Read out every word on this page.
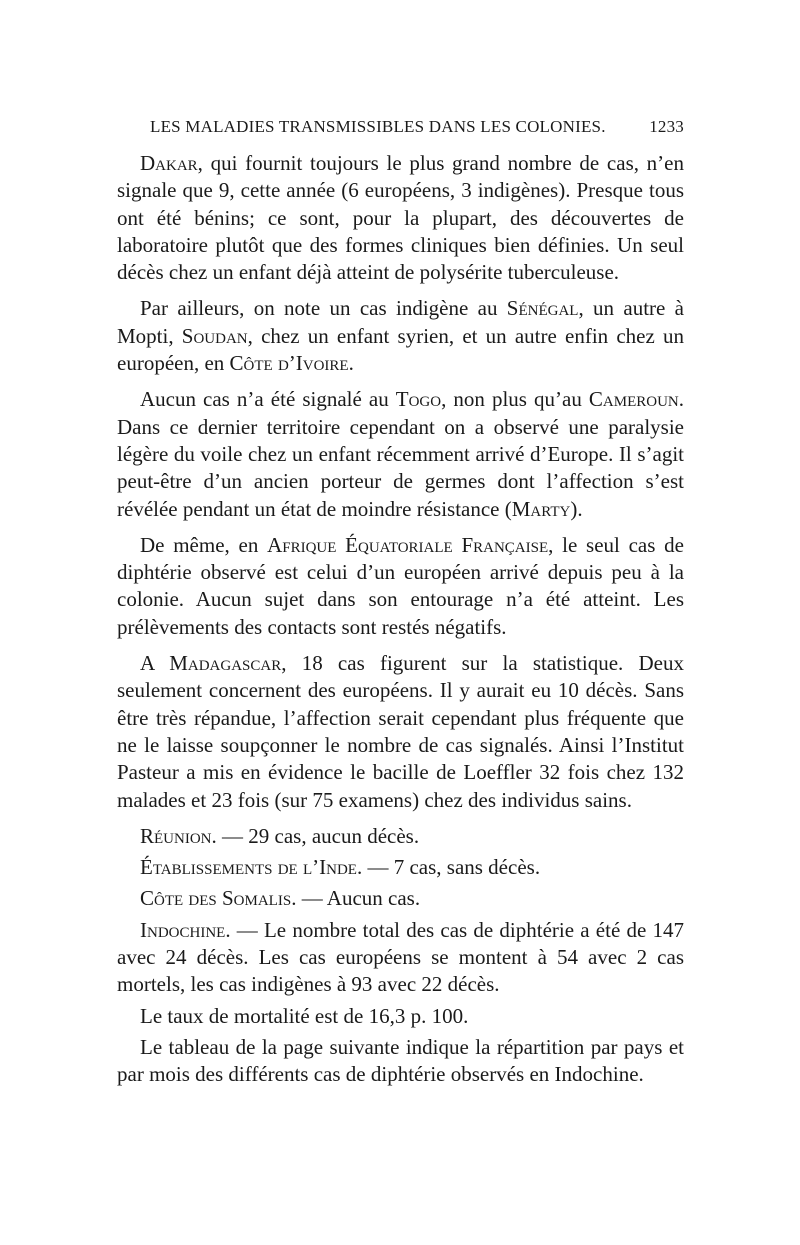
LES MALADIES TRANSMISSIBLES DANS LES COLONIES.	1233

Dakar, qui fournit toujours le plus grand nombre de cas, n’en signale que 9, cette année (6 européens, 3 indigènes). Presque tous ont été bénins; ce sont, pour la plupart, des découvertes de laboratoire plutôt que des formes cliniques bien définies. Un seul décès chez un enfant déjà atteint de polysérite tuberculeuse.

Par ailleurs, on note un cas indigène au Sénégal, un autre à Mopti, Soudan, chez un enfant syrien, et un autre enfin chez un européen, en Côte d’Ivoire.

Aucun cas n’a été signalé au Togo, non plus qu’au Cameroun. Dans ce dernier territoire cependant on a observé une paralysie légère du voile chez un enfant récemment arrivé d’Europe. Il s’agit peut-être d’un ancien porteur de germes dont l’affection s’est révélée pendant un état de moindre résistance (Marty).

De même, en Afrique Équatoriale Française, le seul cas de diphtérie observé est celui d’un européen arrivé depuis peu à la colonie. Aucun sujet dans son entourage n’a été atteint. Les prélèvements des contacts sont restés négatifs.

A Madagascar, 18 cas figurent sur la statistique. Deux seulement concernent des européens. Il y aurait eu 10 décès. Sans être très répandue, l’affection serait cependant plus fréquente que ne le laisse soupçonner le nombre de cas signalés. Ainsi l’Institut Pasteur a mis en évidence le bacille de Loeffler 32 fois chez 132 malades et 23 fois (sur 75 examens) chez des individus sains.

Réunion. — 29 cas, aucun décès.

Établissements de l’Inde. — 7 cas, sans décès.

Côte des Somalis. — Aucun cas.

Indochine. — Le nombre total des cas de diphtérie a été de 147 avec 24 décès. Les cas européens se montent à 54 avec 2 cas mortels, les cas indigènes à 93 avec 22 décès.

Le taux de mortalité est de 16,3 p. 100.

Le tableau de la page suivante indique la répartition par pays et par mois des différents cas de diphtérie observés en Indochine.
